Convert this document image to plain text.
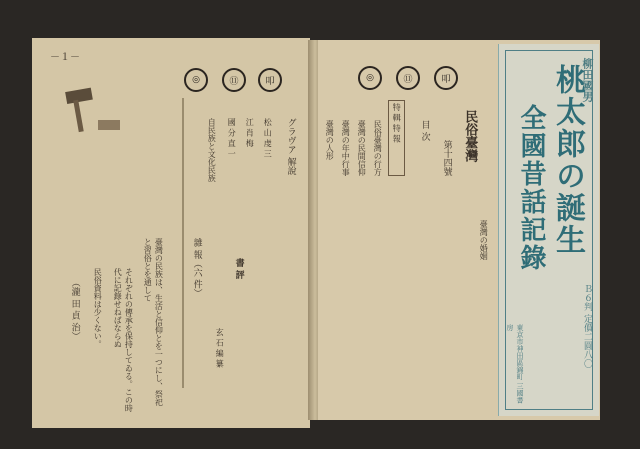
－１－
臺灣の民族は、生活と信仰とを一つにし、祭祀と習俗とを通して
それぞれの傳承を保持してゐる。この時代に記錄せねばならぬ
民俗資料は少くない。
（瀧 田 貞 治）
◎	⑪	叩
グラヴア 解說
松 山 虔 三
江 肖 梅
國 分 直 一
自民族と文化民族
雜 報（六 件）	書 評
玄 石 編 纂
◎	⑪	叩
民俗臺灣
第十四號
目 次
特 輯 特 報
民俗臺灣の行方
臺灣の民間信仰
臺灣の年中行事
臺灣の人形
臺灣の婚姻
柳田國男
桃太郎の誕生
全國昔話記錄
Ｂ６判 定價二圓八〇
東京市神田區錦町 三國書房
